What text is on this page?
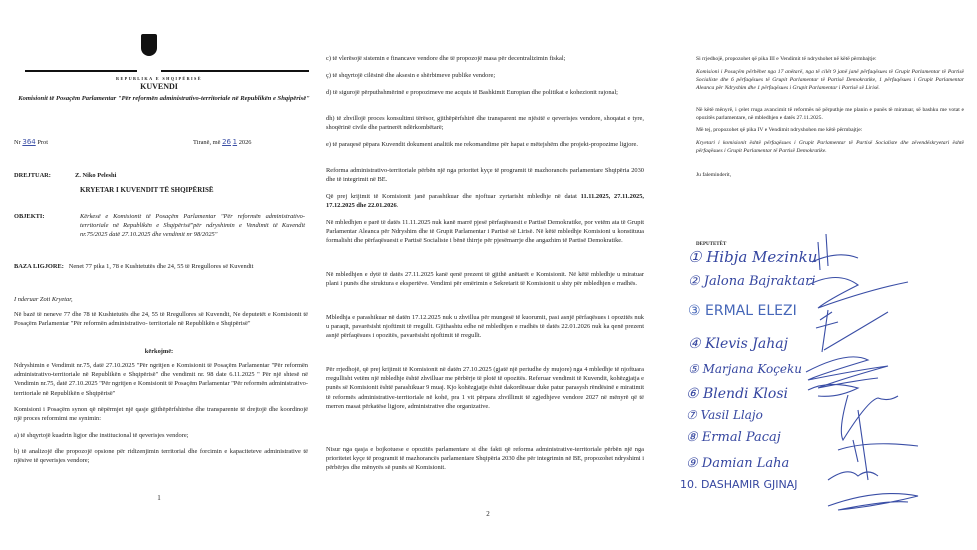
REPUBLIKA E SHQIPËRISË
KUVENDI
Komisionit të Posaçëm Parlamentar "Për reformën administrativo-territoriale në Republikën e Shqipërisë"
Nr 364 Prot	Tiranë, më 26 1 2026
DREJTUAR:	Z. Niko Peleshi
KRYETAR I KUVENDIT TË SHQIPËRISË
OBJEKTI:	Kërkesë e Komisionit të Posaçëm Parlamentar "Për reformën administrativo-territoriale në Republikën e Shqipërisë"për ndryshimin e Vendimit të Kuvendit nr.75/2025 datë 27.10.2025 dhe vendimit nr 98/2025"
BAZA LIGJORE: Nenet 77 pika 1, 78 e Kushtetutës dhe 24, 55 të Rregullores së Kuvendit
I nderuar Zoti Kryetar,
Në bazë të neneve 77 dhe 78 të Kushtetutës dhe 24, 55 të Rregullores së Kuvendit, Ne deputetët e Komisionit të Posaçëm Parlamentar "Për reformën administrativo- territoriale në Republikën e Shqipërisë"
kërkojmë:
Ndryshimin e Vendimit nr.75, datë 27.10.2025 "Për ngritjen e Komisionit të Posaçëm Parlamentar "Për reformën administrativo-territoriale në Republikën e Shqipërisë" dhe vendimit nr. 98 date 6.11.2025 " Për një shtesë në Vendimin nr.75, datë 27.10.2025 "Për ngritjen e Komisionit të Posaçëm Parlamentar "Për reformën administrativo-territoriale në Republikën e Shqipërisë"
Komisioni i Posaçëm synon që nëpërmjet një qasje gjithëpërfshirëse dhe transparente të drejtojë dhe koordinojë një proces reformimi me synimin:
a) të shqyrtojë kuadrin ligjor dhe institucional të qeverisjes vendore;
b) të analizojë dhe propozojë opsione për ridizenjimin territorial dhe forcimin e kapaciteteve administrative të njësive të qeverisjes vendore;
1
c) të vlerësojë sistemin e financave vendore dhe të propozojë masa për decentralizimin fiskal;
ç) të shqyrtojë cilësinë dhe aksesin e shërbimeve publike vendore;
d) të sigurojë përputhshmërinë e propozimeve me acquis të Bashkimit Europian dhe politikat e kohezionit rajonal;
dh) të zhvillojë proces konsultimi tërësor, gjithëpërfshirë dhe transparent me njësitë e qeverisjes vendore, shoqatat e tyre, shoqërinë civile dhe partnerët ndërkombëtarë;
e) të paraqesë pëpara Kuvendit dokument analitik me rekomandime për hapat e mëtejshëm dhe projekt-propozime ligjore.
Reforma administrativo-territoriale përbën një nga prioritet kyçe të programit të mazhorancës parlamentare Shqipëria 2030 dhe të integrimit në BE.
Që prej krijimit të Komisionit janë parashikuar dhe njoftuar zyrtarisht mbledhje në datat 11.11.2025, 27.11.2025, 17.12.2025 dhe 22.01.2026.
Në mbledhjen e parë të datës 11.11.2025 nuk kanë marrë pjesë përfaqësuesit e Partisë Demokratike, por vetëm ata të Grupit Parlamentar Aleanca për Ndryshim dhe të Grupit Parlamentar i Partisë së Lirisë. Në këtë mbledhje Komisioni u konstituua formalisht dhe përfaqësuesit e Partisë Socialiste i bënë thirrje për pjesëmarrje dhe angazhim të Partisë Demokratike.
Në mbledhjen e dytë të datës 27.11.2025 kanë qenë prezent të gjithë anëtarët e Komisionit. Në këtë mbledhje u miratuar plani i punës dhe struktura e ekspertëve. Vendimi për emërimin e Sekretarit të Komisionit u shty për mbledhjen e rradhës.
Mbledhja e parashikuar në datën 17.12.2025 nuk u zhvillua për mungesë të kuorumit, pasi asnjë përfaqësues i opozitës nuk u paraqit, pavarësisht njoftimit të rregullt. Gjithashtu edhe në mbledhjen e rradhës të datës 22.01.2026 nuk ka qenë prezent asnjë përfaqësues i opozitës, pavarësisht njoftimit të rregullt.
Për rrjedhojë, që prej krijimit të Komisionit në datën 27.10.2025 (gjatë një periudhe dy mujore) nga 4 mbledhje të njoftuara rregullisht vetëm një mbledhje është zhvilluar me përbërje të plotë të opozitës. Referuar vendimit të Kuvendit, kohëzgjatja e punës së Komisionit është parashikuar 9 muaj. Kjo kohëzgjatje është dakordësuar duke patur parasysh rëndësinë e miratimit të reformës administrative-territoriale në kohë, pra 1 vit përpara zhvillimit të zgjedhjeve vendore 2027 në mënyrë që të merren masat përkatëse ligjore, administrative dhe organizative.
Nisur nga qasja e bojkotuese e opozitës parlamentare si dhe fakti që reforma administrative-territoriale përbën një nga prioritetet kyçe të programit të mazhorancës parlamentare Shqipëria 2030 dhe për integrimin në BE, propozohet ndryshimi i përbërjes dhe mënyrës së punës së Komisionit.
2
Si rrjedhojë, propozohet që pika III e Vendimit të ndryshohet në këtë përmbajtje:
Komisioni i Posaçëm përbëhet nga 17 anëtarë, nga të cilët 9 janë janë përfaqësues të Grupit Parlamentar të Partisë Socialiste dhe 6 përfaqësues të Grupit Parlamentar të Partisë Demokratike, 1 përfaqësues i Grupit Parlamentar Aleanca për Ndryshim dhe 1 përfaqësues i Grupit Parlamentar i Partisë së Lirisë.
Në këtë mënyrë, i çelet rruga avancimit të reformës në përputhje me planin e punës të miratuar, së bashku me votat e opozitës parlamentare, në mbledhjen e datës 27.11.2025.
Më tej, propozohet që pika IV e Vendimit ndryshohen me këtë përmbajtje:
Kryetari i komisionit është përfaqësues i Grupit Parlamentar të Partisë Socialiste dhe zëvendëskryetari është përfaqësues i Grupit Parlamentar të Partisë Demokratike.
Ju faleminderit,
DEPUTETËT
① Hibja Mezinku
② Jalona Bajraktari
③ ERMAL ELEZI
④ Klevis Jahaj
⑤ Marjana Koçeku
⑥ Blendi Klosi
⑦ Vasil Llajo
⑧ Ermal Pacaj
⑨ Damian Laha
10. DASHAMIR GJINAJ
